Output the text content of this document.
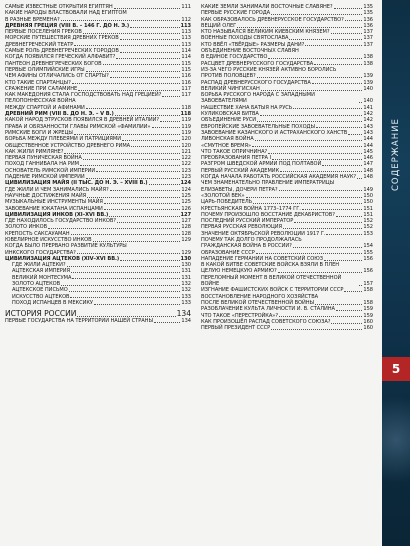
САМЫЕ ИЗВЕСТНЫЕ ОТКРЫТИЯ ЕГИПТЯН	111
КАКИЕ НАРОДЫ ВЛАСТВОВАЛИ НАД ЕГИПТОМ
В РАЗНЫЕ ВРЕМЕНА?	112
ДРЕВНЯЯ ГРЕЦИЯ (VIII В. – 146 Г. ДО Н. Э.)	113
ПЕРВЫЕ ПОСЕЛЕНИЯ ГРЕКОВ	113
МОРСКИЕ ПУТЕШЕСТВИЯ ДРЕВНИХ ГРЕКОВ	113
ДРЕВНЕГРЕЧЕСКИЙ ТЕАТР	113
САМЫЕ РОЛЬ ДРЕВНЕГРЕЧЕСКИХ ГОРОДОВ	114
КОГДА ПОЯВИЛСЯ ГРЕЧЕСКИЙ АЛФАВИТ?	114
ПАНТЕОН ДРЕВНЕГРЕЧЕСКИХ БОГОВ	115
ПЕРВЫЕ ОЛИМПИЙСКИЕ ИГРЫ	115
ЧЕМ АФИНЫ ОТЛИЧАЛИСЬ ОТ СПАРТЫ?	116
КТО ТАКИЕ СПАРТАНЦЫ?	116
СРАЖЕНИЕ ПРИ САЛАМИНЕ	117
КАК МАКЕДОНИЯ СТАЛА ГОСПОДСТВОВАТЬ НАД ГРЕЦИЕЙ?	117
ПЕЛОПОННЕССКАЯ ВОЙНА
МЕЖДУ СПАРТОЙ И АФИНАМИ	118
ДРЕВНИЙ РИМ (VIII В. ДО Н. Э. – V В.)	118
КАКОЙ НАРОД ЭТРУСКОВ ПОЯВИЛСЯ В ДРЕВНЕЙ ИТАЛИИ?	119
ПРАВА И ОБЯЗАННОСТИ ГЛАВЫ РИМСКОЙ «ФАМИЛИИ»	119
РИМСКИЕ БОГИ И ЖРЕЦЫ	119
БОРЬБА МЕЖДУ ПЛЕБЕЯМИ И ПАТРИЦИЯМИ	120
ОБЩЕСТВЕННОЕ УСТРОЙСТВО ДРЕВНЕГО РИМА	120
КАК ЖИЛИ РИМЛЯНЕ?	121
ПЕРВАЯ ПУНИЧЕСКАЯ ВОЙНА	122
ПОХОД ГАННИБАЛА НА РИМ	122
ОСНОВАТЕЛЬ РИМСКОЙ ИМПЕРИИ	123
ПАДЕНИЕ РИМСКОЙ ИМПЕРИИ	123
ЦИВИЛИЗАЦИЯ МАЙЯ (II ТЫС. ДО Н. Э. – XVIII В.)	124
ГДЕ ЖИЛИ И ЧЕМ ЗАНИМАЛИСЬ МАЙЯ?	124
НАУЧНЫЕ ДОСТИЖЕНИЯ МАЙЯ	125
МУЗЫКАЛЬНЫЕ ИНСТРУМЕНТЫ МАЙЯ	125
ЗАВОЕВАНИЕ ЮКАТАНА ИСПАНЦАМИ	126
ЦИВИЛИЗАЦИЯ ИНКОВ (XI–XVI ВВ.)	127
ГДЕ НАХОДИЛОСЬ ГОСУДАРСТВО ИНКОВ?	127
ЗОЛОТО ИНКОВ	128
КРЕПОСТЬ САКСАУАМАН	128
ЮВЕЛИРНОЕ ИСКУССТВО ИНКОВ	129
КОГДА БЫЛО ПРЕРВАНО РАЗВИТИЕ КУЛЬТУРЫ
ИНКСКОГО ГОСУДАРСТВА?	129
ЦИВИЛИЗАЦИЯ АЦТЕКОВ (XIV–XVI ВВ.)	130
ГДЕ ЖИЛИ АЦТЕКИ?	130
АЦТЕКСКАЯ ИМПЕРИЯ	131
ВЕЛИКИЙ МОНТЕСУМА	131
ЗОЛОТО АЦТЕКОВ	132
АЦТЕКСКОЕ ПИСЬМО	132
ИСКУССТВО АЦТЕКОВ	133
ПОХОД ИСПАНЦЕВ В МЕКСИКУ	133
ИСТОРИЯ РОССИИ	134
ПЕРВЫЕ ГОСУДАРСТВА НА ТЕРРИТОРИИ НАШЕЙ СТРАНЫ	134
КАКИЕ ЗЕМЛИ ЗАНИМАЛИ ВОСТОЧНЫЕ СЛАВЯНЕ?	135
ПЕРВЫЕ РУССКИЕ ГОРОДА	135
КАК ОБРАЗОВАЛОСЬ ДРЕВНЕРУССКОЕ ГОСУДАРСТВО?	136
ВЕЩИЙ ОЛЕГ	136
КТО НАЗЫВАЛСЯ ВЕЛИКИМ КИЕВСКИМ КНЯЗЕМ?	137
ВОЕННЫЕ ПОХОДЫ СВЯТОСЛАВА	137
КТО ВВЁЛ «ТВЁРДЫЕ» РАЗМЕРЫ ДАНИ?	137
ОБЪЕДИНЕНИЕ ВОСТОЧНЫХ СЛАВЯН
В ЕДИНОЕ ГОСУДАРСТВО	138
РАСЦВЕТ ДРЕВНЕРУССКОГО ГОСУДАРСТВА	138
ИЗ-ЗА ЧЕГО РУССКИЕ КНЯЗЕЙ АКТИВНО БОРОЛИСЬ
ПРОТИВ ПОЛОВЦЕВ?	139
РАСПАД ДРЕВНЕРУССКОГО ГОСУДАРСТВА	139
ВЕЛИКИЙ ЧИНГИСХАН	140
БОРЬБА РУССКОГО НАРОДА С ЗАПАДНЫМИ ЗАВОЕВАТЕЛЯМИ	140
НАШЕСТВИЕ ХАНА БАТЫЯ НА РУСЬ	141
КУЛИКОВСКАЯ БИТВА	142
ОБЪЕДИНЕНИЕ РУСИ	142
ЕВРОПЕЙСКИЕ ЗАВОЕВАТЕЛЬНЫЕ ПОХОДЫ	143
ЗАВОЕВАНИЕ КАЗАНСКОГО И АСТРАХАНСКОГО ХАНСТВ	143
ЛИВОНСКАЯ ВОЙНА	144
«СМУТНОЕ ВРЕМЯ»	144
ЧТО ТАКОЕ ОПРИЧНИНА?	145
ПРЕОБРАЗОВАНИЯ ПЕТРА I	146
РАЗГРОМ ШВЕДСКОЙ АРМИИ ПОД ПОЛТАВОЙ	147
ПЕРВЫЙ РУССКИЙ АКАДЕМИК	148
КОГДА НАЧАЛА РАБОТАТЬ РОССИЙСКАЯ АКАДЕМИЯ НАУК? 148
ЧЕМ ЗНАМЕНАТЕЛЬНО ПРАВЛЕНИЕ ИМПЕРАТРИЦЫ
ЕЛИЗАВЕТЫ, ДОЧЕРИ ПЕТРА?	149
«ЗОЛОТОЙ ВЕК»	150
ЦАРЬ-ПОБЕДИТЕЛЬ	150
КРЕСТЬЯНСКАЯ ВОЙНА 1773–1774 ГГ.	151
ПОЧЕМУ ПРОИЗОШЛО ВОССТАНИЕ ДЕКАБРИСТОВ?	151
ПОСЛЕДНИЙ РУССКИЙ ИМПЕРАТОР	152
ПЕРВАЯ РУССКАЯ РЕВОЛЮЦИЯ	152
ЗНАЧЕНИЕ ОКТЯБРЬСКОЙ РЕВОЛЮЦИИ 1917 Г.	153
ПОЧЕМУ ТАК ДОЛГО ПРОДОЛЖАЛАСЬ
ГРАЖДАНСКАЯ ВОЙНА В РОССИИ?	154
ОБРАЗОВАНИЕ СССР	155
НАПАДЕНИЕ ГЕРМАНИИ НА СОВЕТСКИЙ СОЮЗ	156
В КАКОЙ БИТВЕ СОВЕТСКИЕ ВОЙСКА ВЗЯЛИ В ПЛЕН
ЦЕЛУЮ НЕМЕЦКУЮ АРМИЮ?	156
ПЕРЕЛОМНЫЙ МОМЕНТ В ВЕЛИКОЙ ОТЕЧЕСТВЕННОЙ ВОЙНЕ	157
ИЗГНАНИЕ ФАШИСТСКИХ ВОЙСК С ТЕРРИТОРИИ СССР	158
ВОССТАНОВЛЕНИЕ НАРОДНОГО ХОЗЯЙСТВА
ПОСЛЕ ВЕЛИКОЙ ОТЕЧЕСТВЕННОЙ ВОЙНЫ	158
РАЗОБЛАЧЕНИЕ КУЛЬТА ЛИЧНОСТИ И. В. СТАЛИНА	159
ЧТО ТАКОЕ «ПЕРЕСТРОЙКА»?	159
КАК ПРОИЗОШЁЛ РАСПАД СОВЕТСКОГО СОЮЗА?	160
ПЕРВЫЙ ПРЕЗИДЕНТ СССР	160
СОДЕРЖАНИЕ
5
